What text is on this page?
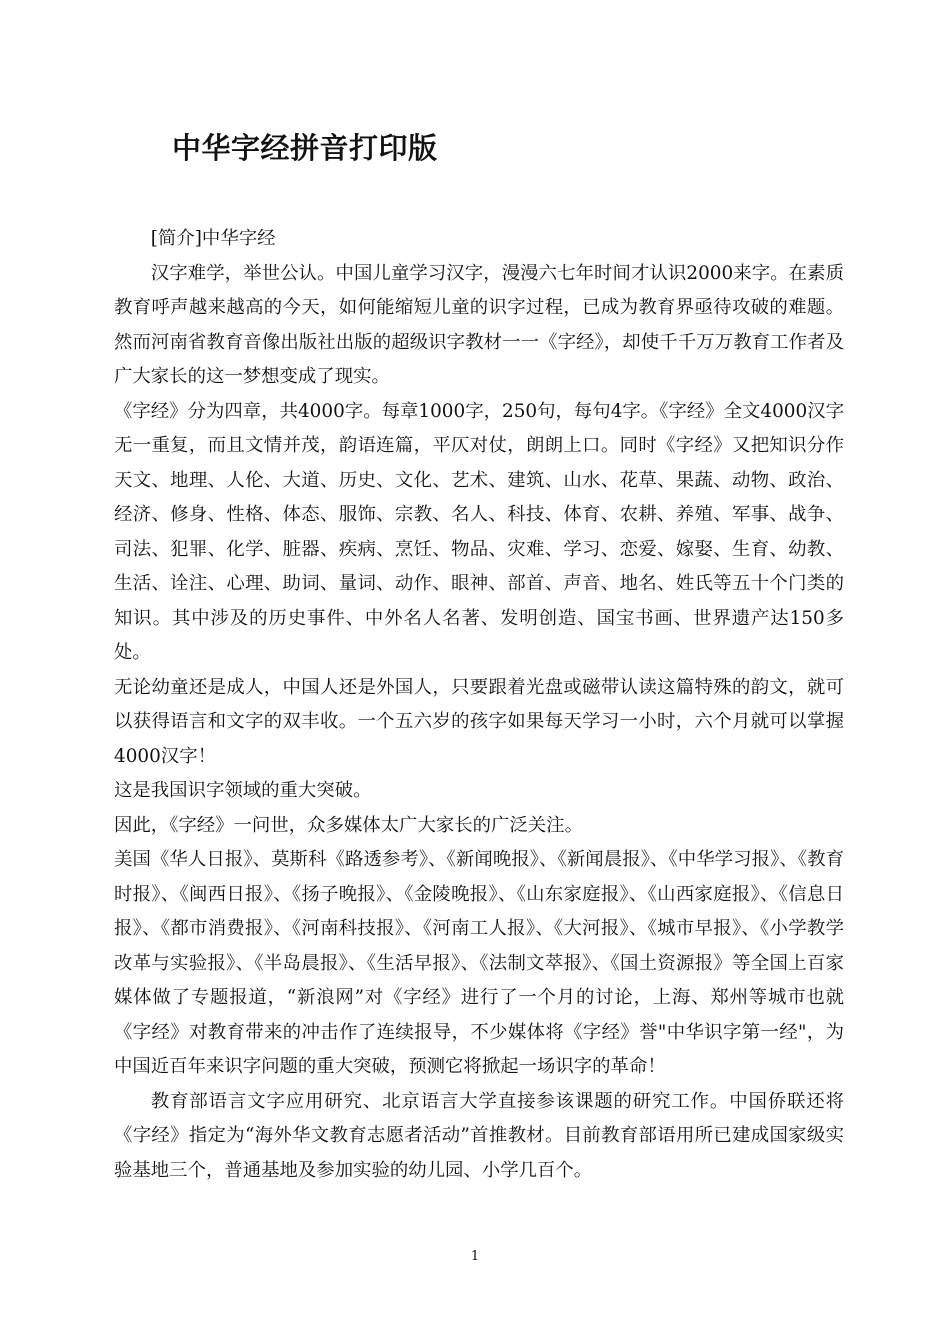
中华字经拼音打印版

[简介]中华字经

汉字难学，举世公认。中国儿童学习汉字，漫漫六七年时间才认识2000来字。在素质教育呼声越来越高的今天，如何能缩短儿童的识字过程，已成为教育界亟待攻破的难题。然而河南省教育音像出版社出版的超级识字教材一一《字经》，却使千千万万教育工作者及广大家长的这一梦想变成了现实。

《字经》分为四章，共4000字。每章1000字，250句，每句4字。《字经》全文4000汉字无一重复，而且文情并茂，韵语连篇，平仄对仗，朗朗上口。同时《字经》又把知识分作天文、地理、人伦、大道、历史、文化、艺术、建筑、山水、花草、果蔬、动物、政治、经济、修身、性格、体态、服饰、宗教、名人、科技、体育、农耕、养殖、军事、战争、司法、犯罪、化学、脏器、疾病、烹饪、物品、灾难、学习、恋爱、嫁娶、生育、幼教、生活、诠注、心理、助词、量词、动作、眼神、部首、声音、地名、姓氏等五十个门类的知识。其中涉及的历史事件、中外名人名著、发明创造、国宝书画、世界遗产达150多处。

无论幼童还是成人，中国人还是外国人，只要跟着光盘或磁带认读这篇特殊的韵文，就可以获得语言和文字的双丰收。一个五六岁的孩字如果每天学习一小时，六个月就可以掌握4000汉字！

这是我国识字领域的重大突破。

因此，《字经》一问世，众多媒体太广大家长的广泛关注。

美国《华人日报》、莫斯科《路透参考》、《新闻晚报》、《新闻晨报》、《中华学习报》、《教育时报》、《闽西日报》、《扬子晚报》、《金陵晚报》、《山东家庭报》、《山西家庭报》、《信息日报》、《都市消费报》、《河南科技报》、《河南工人报》、《大河报》、《城市早报》、《小学教学改革与实验报》、《半岛晨报》、《生活早报》、《法制文萃报》、《国土资源报》等全国上百家媒体做了专题报道，“新浪网”对《字经》进行了一个月的讨论，上海、郑州等城市也就《字经》对教育带来的冲击作了连续报导，不少媒体将《字经》誉"中华识字第一经"，为中国近百年来识字问题的重大突破，预测它将掀起一场识字的革命！

教育部语言文字应用研究、北京语言大学直接参该课题的研究工作。中国侨联还将《字经》指定为“海外华文教育志愿者活动”首推教材。目前教育部语用所已建成国家级实验基地三个，普通基地及参加实验的幼儿园、小学几百个。

1
